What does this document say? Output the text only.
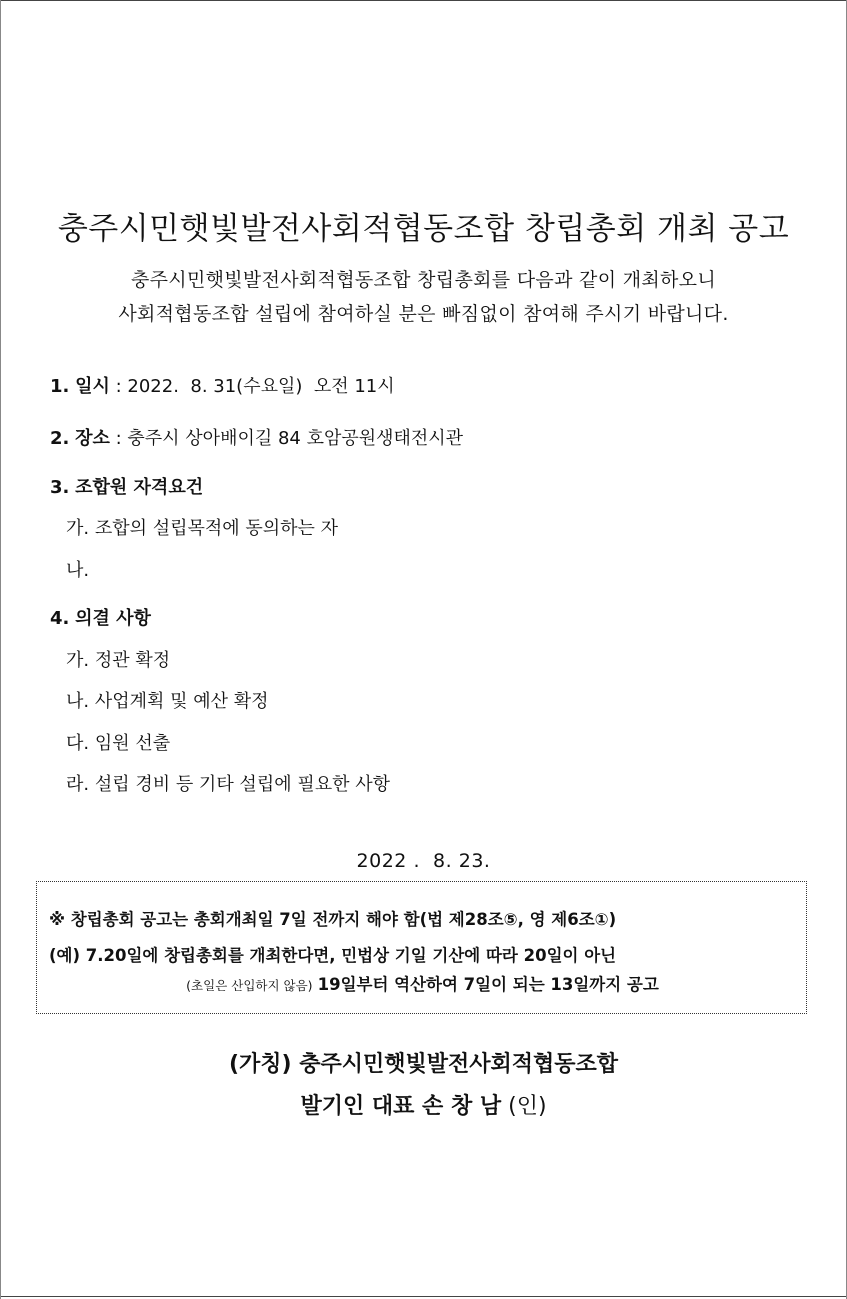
충주시민햇빛발전사회적협동조합 창립총회 개최 공고
충주시민햇빛발전사회적협동조합 창립총회를 다음과 같이 개최하오니
사회적협동조합 설립에 참여하실 분은 빠짐없이 참여해 주시기 바랍니다.
1. 일시 : 2022.  8. 31(수요일)  오전 11시
2. 장소 : 충주시 상아배이길 84 호암공원생태전시관
3. 조합원 자격요건
가. 조합의 설립목적에 동의하는 자
나.
4. 의결 사항
가. 정관 확정
나. 사업계획 및 예산 확정
다. 임원 선출
라. 설립 경비 등 기타 설립에 필요한 사항
2022 .  8. 23.
※ 창립총회 공고는 총회개최일 7일 전까지 해야 함(법 제28조⑤, 영 제6조①)
(예) 7.20일에 창립총회를 개최한다면, 민법상 기일 기산에 따라 20일이 아닌
(초일은 산입하지 않음) 19일부터 역산하여 7일이 되는 13일까지 공고
(가칭) 충주시민햇빛발전사회적협동조합
발기인 대표 손 창 남 (인)
